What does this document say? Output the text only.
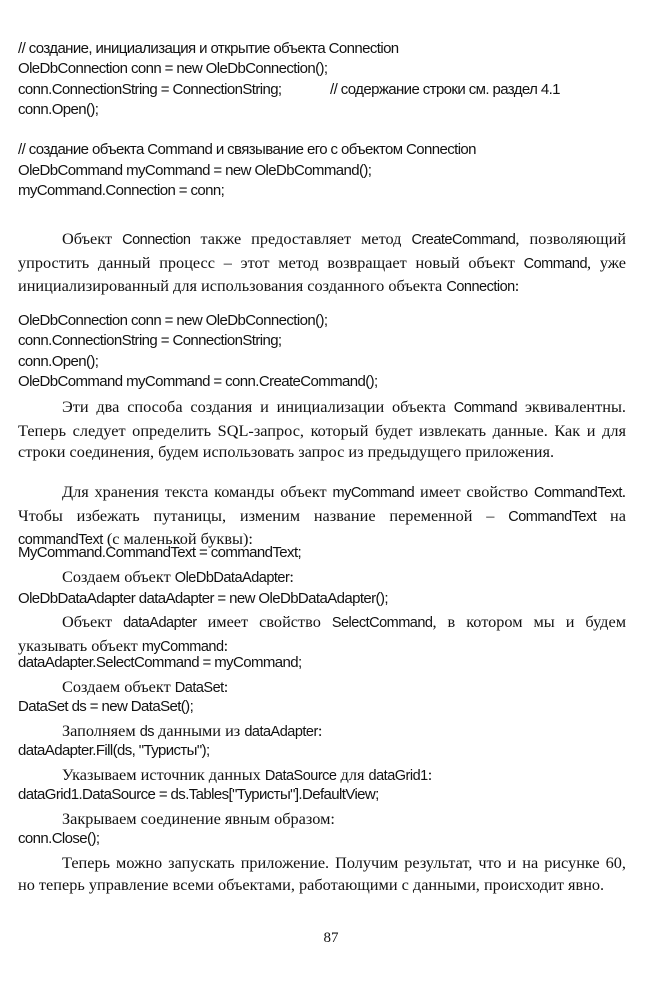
// создание, инициализация и открытие объекта Connection
OleDbConnection conn = new OleDbConnection();
conn.ConnectionString = ConnectionString;	// содержание строки см. раздел 4.1
conn.Open();
// создание объекта Command и связывание его с объектом Connection
OleDbCommand myCommand = new OleDbCommand();
myCommand.Connection = conn;

Объект Connection также предоставляет метод CreateCommand, позволяющий упростить данный процесс – этот метод возвращает новый объект Command, уже инициализированный для использования созданного объекта Connection:

OleDbConnection conn = new OleDbConnection();
conn.ConnectionString = ConnectionString;
conn.Open();
OleDbCommand myCommand = conn.CreateCommand();

Эти два способа создания и инициализации объекта Command эквивалентны. Теперь следует определить SQL-запрос, который будет извлекать данные. Как и для строки соединения, будем использовать запрос из предыдущего приложения.

Для хранения текста команды объект myCommand имеет свойство CommandText. Чтобы избежать путаницы, изменим название переменной – CommandText на commandText (с маленькой буквы):

MyCommand.CommandText = commandText;

Создаем объект OleDbDataAdapter:

OleDbDataAdapter dataAdapter = new OleDbDataAdapter();

Объект dataAdapter имеет свойство SelectCommand, в котором мы и будем указывать объект myCommand:

dataAdapter.SelectCommand = myCommand;

Создаем объект DataSet:

DataSet ds = new DataSet();

Заполняем ds данными из dataAdapter:

dataAdapter.Fill(ds, "Туристы");

Указываем источник данных DataSource для dataGrid1:

dataGrid1.DataSource = ds.Tables["Туристы"].DefaultView;

Закрываем соединение явным образом:

conn.Close();

Теперь можно запускать приложение. Получим результат, что и на рисунке 60, но теперь управление всеми объектами, работающими с данными, происходит явно.

87
